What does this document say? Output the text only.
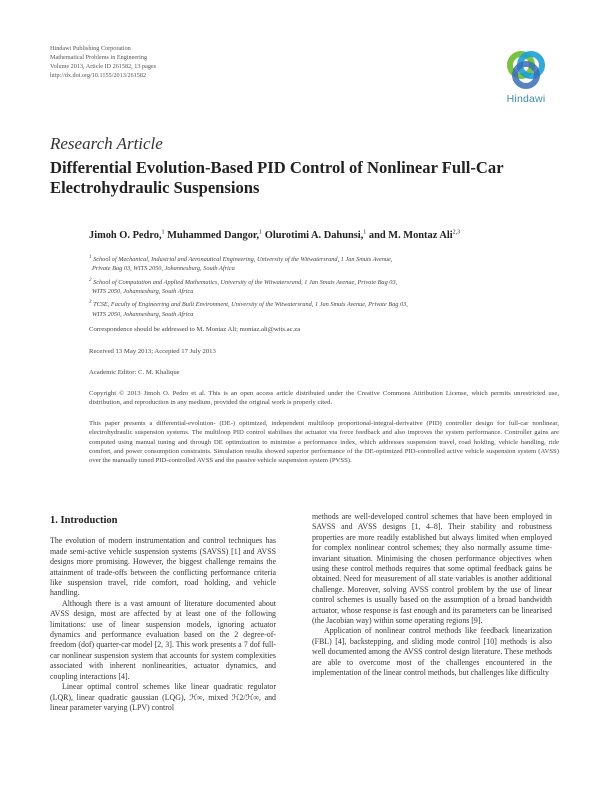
Hindawi Publishing Corporation
Mathematical Problems in Engineering
Volume 2013, Article ID 261582, 13 pages
http://dx.doi.org/10.1155/2013/261582
Hindawi
Research Article
Differential Evolution-Based PID Control of Nonlinear Full-Car Electrohydraulic Suspensions
Jimoh O. Pedro,$^1$ Muhammed Dangor,$^1$ Olurotimi A. Dahunsi,$^1$ and M. Montaz Ali$^{2,3}$
$^1$ School of Mechanical, Industrial and Aeronautical Engineering, University of the Witwatersrand, 1 Jan Smuts Avenue,
Private Bag 03, WITS 2050, Johannesburg, South Africa
$^2$ School of Computation and Applied Mathematics, University of the Witwatersrand, 1 Jan Smuts Avenue, Private Bag 03,
WITS 2050, Johannesburg, South Africa
$^3$ TCSE, Faculty of Engineering and Built Environment, University of the Witwatersrand, 1 Jan Smuts Avenue, Private Bag 03,
WITS 2050, Johannesburg, South Africa
Correspondence should be addressed to M. Montaz Ali; montaz.ali@wits.ac.za
Received 13 May 2013; Accepted 17 July 2013
Academic Editor: C. M. Khalique
Copyright © 2013 Jimoh O. Pedro et al. This is an open access article distributed under the Creative Commons Attribution License, which permits unrestricted use, distribution, and reproduction in any medium, provided the original work is properly cited.
This paper presents a differential-evolution- (DE-) optimized, independent multiloop proportional-integral-derivative (PID) controller design for full-car nonlinear, electrohydraulic suspension systems. The multiloop PID control stabilises the actuator via force feedback and also improves the system performance. Controller gains are computed using manual tuning and through DE optimization to minimise a performance index, which addresses suspension travel, road holding, vehicle handling, ride comfort, and power consumption constraints. Simulation results showed superior performance of the DE-optimized PID-controlled active vehicle suspension system (AVSS) over the manually tuned PID-controlled AVSS and the passive vehicle suspension system (PVSS).
1. Introduction

The evolution of modern instrumentation and control techniques has made semi-active vehicle suspension systems (SAVSS) [1] and AVSS designs more promising. However, the biggest challenge remains the attainment of trade-offs between the conflicting performance criteria like suspension travel, ride comfort, road holding, and vehicle handling.

Although there is a vast amount of literature documented about AVSS design, most are affected by at least one of the following limitations: use of linear suspension models, ignoring actuator dynamics and performance evaluation based on the 2 degree-of-freedom (dof) quarter-car model [2, 3]. This work presents a 7 dof full-car nonlinear suspension system that accounts for system complexities associated with inherent nonlinearities, actuator dynamics, and coupling interactions [4].

Linear optimal control schemes like linear quadratic regulator (LQR), linear quadratic gaussian (LQG), ℋ∞, mixed ℋ2/ℋ∞, and linear parameter varying (LPV) control

methods are well-developed control schemes that have been employed in SAVSS and AVSS designs [1, 4–8]. Their stability and robustness properties are more readily established but always limited when employed for complex nonlinear control schemes; they also normally assume time-invariant situation. Minimising the chosen performance objectives when using these control methods requires that some optimal feedback gains be obtained. Need for measurement of all state variables is another additional challenge. Moreover, solving AVSS control problem by the use of linear control schemes is usually based on the assumption of a broad bandwidth actuator, whose response is fast enough and its parameters can be linearised (the Jacobian way) within some operating regions [9].

Application of nonlinear control methods like feedback linearization (FBL) [4], backstepping, and sliding mode control [10] methods is also well documented among the AVSS control design literature. These methods are able to overcome most of the challenges encountered in the implementation of the linear control methods, but challenges like difficulty
